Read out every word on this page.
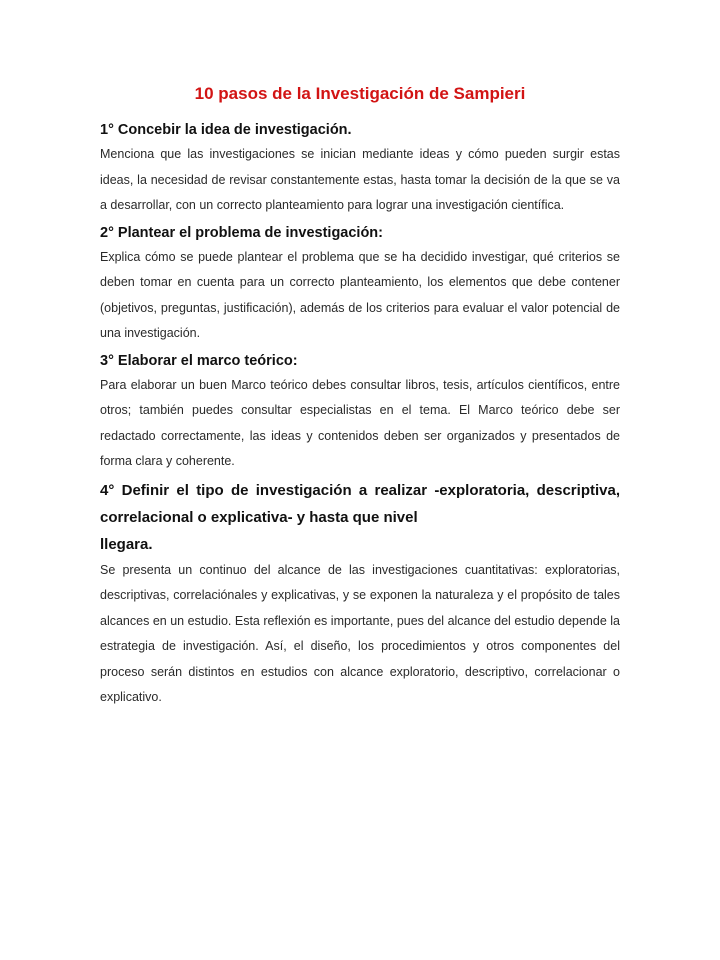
10 pasos de la Investigación de Sampieri

1° Concebir la idea de investigación.

Menciona que las investigaciones se inician mediante ideas y cómo pueden surgir estas ideas, la necesidad de revisar constantemente estas, hasta tomar la decisión de la que se va a desarrollar, con un correcto planteamiento para lograr una investigación científica.

2° Plantear el problema de investigación:

Explica cómo se puede plantear el problema que se ha decidido investigar, qué criterios se deben tomar en cuenta para un correcto planteamiento, los elementos que debe contener (objetivos, preguntas, justificación), además de los criterios para evaluar el valor potencial de una investigación.

3° Elaborar el marco teórico:

Para elaborar un buen Marco teórico debes consultar libros, tesis, artículos científicos, entre otros; también puedes consultar especialistas en el tema. El Marco teórico debe ser redactado correctamente, las ideas y contenidos deben ser organizados y presentados de forma clara y coherente.

4° Definir el tipo de investigación a realizar -exploratoria, descriptiva, correlacional o explicativa- y hasta que nivel

llegara.

Se presenta un continuo del alcance de las investigaciones cuantitativas: exploratorias, descriptivas, correlaciónales y explicativas, y se exponen la naturaleza y el propósito de tales alcances en un estudio. Esta reflexión es importante, pues del alcance del estudio depende la estrategia de investigación. Así, el diseño, los procedimientos y otros componentes del proceso serán distintos en estudios con alcance exploratorio, descriptivo, correlacionar o explicativo.
